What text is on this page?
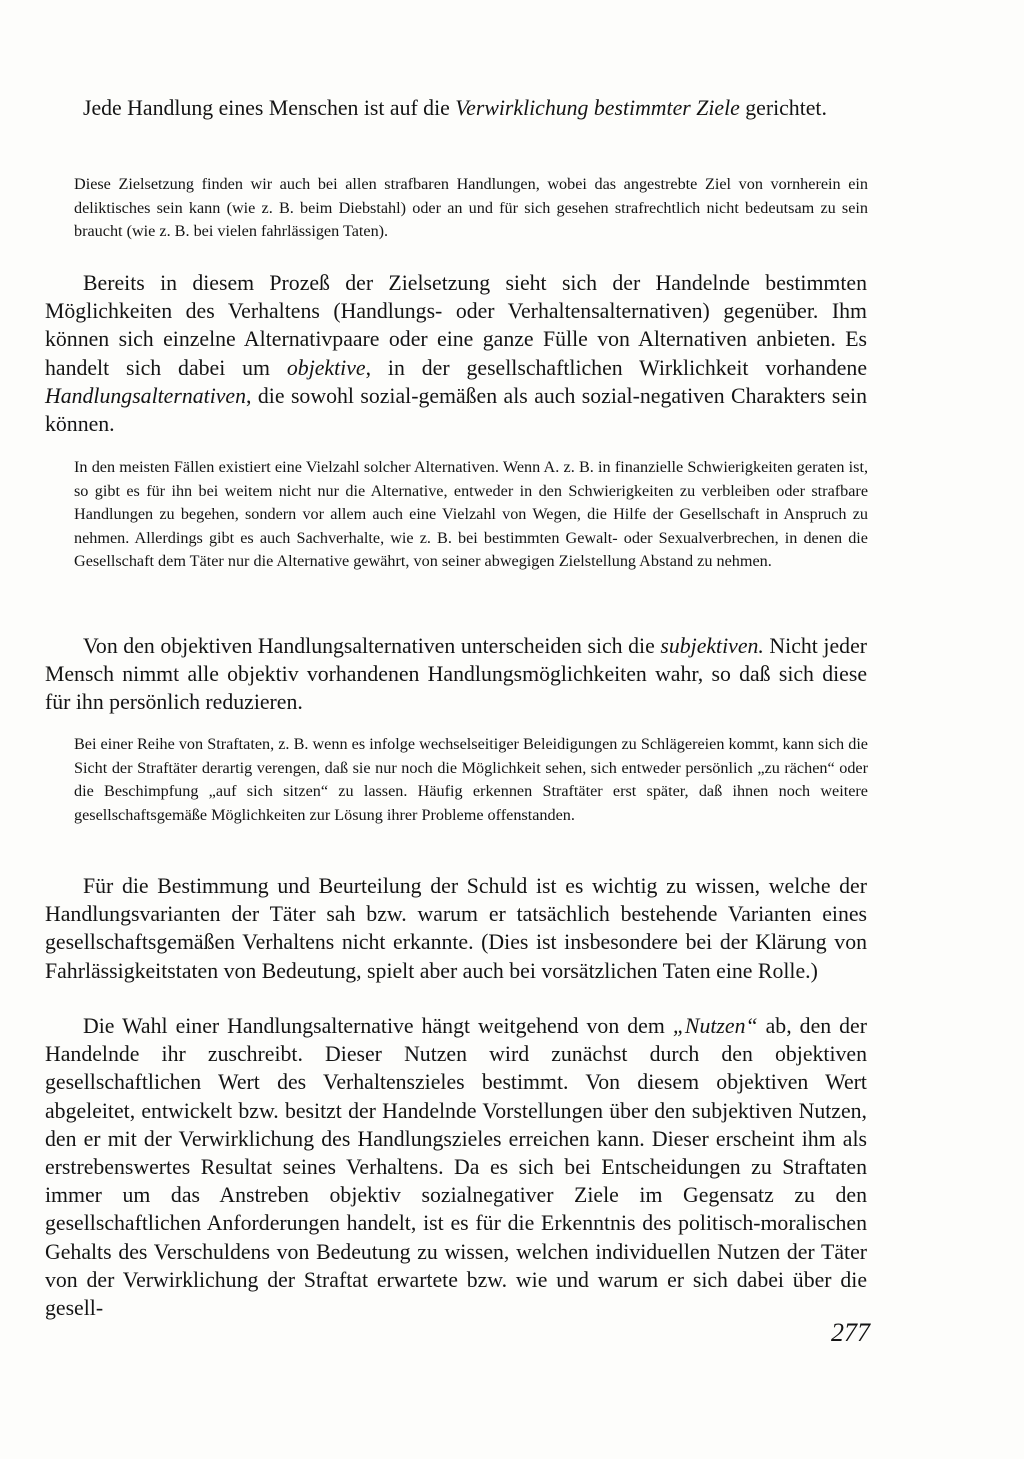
Jede Handlung eines Menschen ist auf die Verwirklichung bestimmter Ziele gerichtet.

Diese Zielsetzung finden wir auch bei allen strafbaren Handlungen, wobei das angestrebte Ziel von vornherein ein deliktisches sein kann (wie z. B. beim Diebstahl) oder an und für sich gesehen strafrechtlich nicht bedeutsam zu sein braucht (wie z. B. bei vielen fahrlässigen Taten).

Bereits in diesem Prozeß der Zielsetzung sieht sich der Handelnde bestimmten Möglichkeiten des Verhaltens (Handlungs- oder Verhaltensalternativen) gegenüber. Ihm können sich einzelne Alternativpaare oder eine ganze Fülle von Alternativen anbieten. Es handelt sich dabei um objektive, in der gesellschaftlichen Wirklichkeit vorhandene Handlungsalternativen, die sowohl sozial-gemäßen als auch sozial-negativen Charakters sein können.

In den meisten Fällen existiert eine Vielzahl solcher Alternativen. Wenn A. z. B. in finanzielle Schwierigkeiten geraten ist, so gibt es für ihn bei weitem nicht nur die Alternative, entweder in den Schwierigkeiten zu verbleiben oder strafbare Handlungen zu begehen, sondern vor allem auch eine Vielzahl von Wegen, die Hilfe der Gesellschaft in Anspruch zu nehmen. Allerdings gibt es auch Sachverhalte, wie z. B. bei bestimmten Gewalt- oder Sexualverbrechen, in denen die Gesellschaft dem Täter nur die Alternative gewährt, von seiner abwegigen Zielstellung Abstand zu nehmen.

Von den objektiven Handlungsalternativen unterscheiden sich die subjektiven. Nicht jeder Mensch nimmt alle objektiv vorhandenen Handlungsmöglichkeiten wahr, so daß sich diese für ihn persönlich reduzieren.

Bei einer Reihe von Straftaten, z. B. wenn es infolge wechselseitiger Beleidigungen zu Schlägereien kommt, kann sich die Sicht der Straftäter derartig verengen, daß sie nur noch die Möglichkeit sehen, sich entweder persönlich „zu rächen“ oder die Beschimpfung „auf sich sitzen“ zu lassen. Häufig erkennen Straftäter erst später, daß ihnen noch weitere gesellschaftsgemäße Möglichkeiten zur Lösung ihrer Probleme offenstanden.

Für die Bestimmung und Beurteilung der Schuld ist es wichtig zu wissen, welche der Handlungsvarianten der Täter sah bzw. warum er tatsächlich bestehende Varianten eines gesellschaftsgemäßen Verhaltens nicht erkannte. (Dies ist insbesondere bei der Klärung von Fahrlässigkeitstaten von Bedeutung, spielt aber auch bei vorsätzlichen Taten eine Rolle.)

Die Wahl einer Handlungsalternative hängt weitgehend von dem „Nutzen“ ab, den der Handelnde ihr zuschreibt. Dieser Nutzen wird zunächst durch den objektiven gesellschaftlichen Wert des Verhaltenszieles bestimmt. Von diesem objektiven Wert abgeleitet, entwickelt bzw. besitzt der Handelnde Vorstellungen über den subjektiven Nutzen, den er mit der Verwirklichung des Handlungszieles erreichen kann. Dieser erscheint ihm als erstrebenswertes Resultat seines Verhaltens. Da es sich bei Entscheidungen zu Straftaten immer um das Anstreben objektiv sozialnegativer Ziele im Gegensatz zu den gesellschaftlichen Anforderungen handelt, ist es für die Erkenntnis des politisch-moralischen Gehalts des Verschuldens von Bedeutung zu wissen, welchen individuellen Nutzen der Täter von der Verwirklichung der Straftat erwartete bzw. wie und warum er sich dabei über die gesell-

277
